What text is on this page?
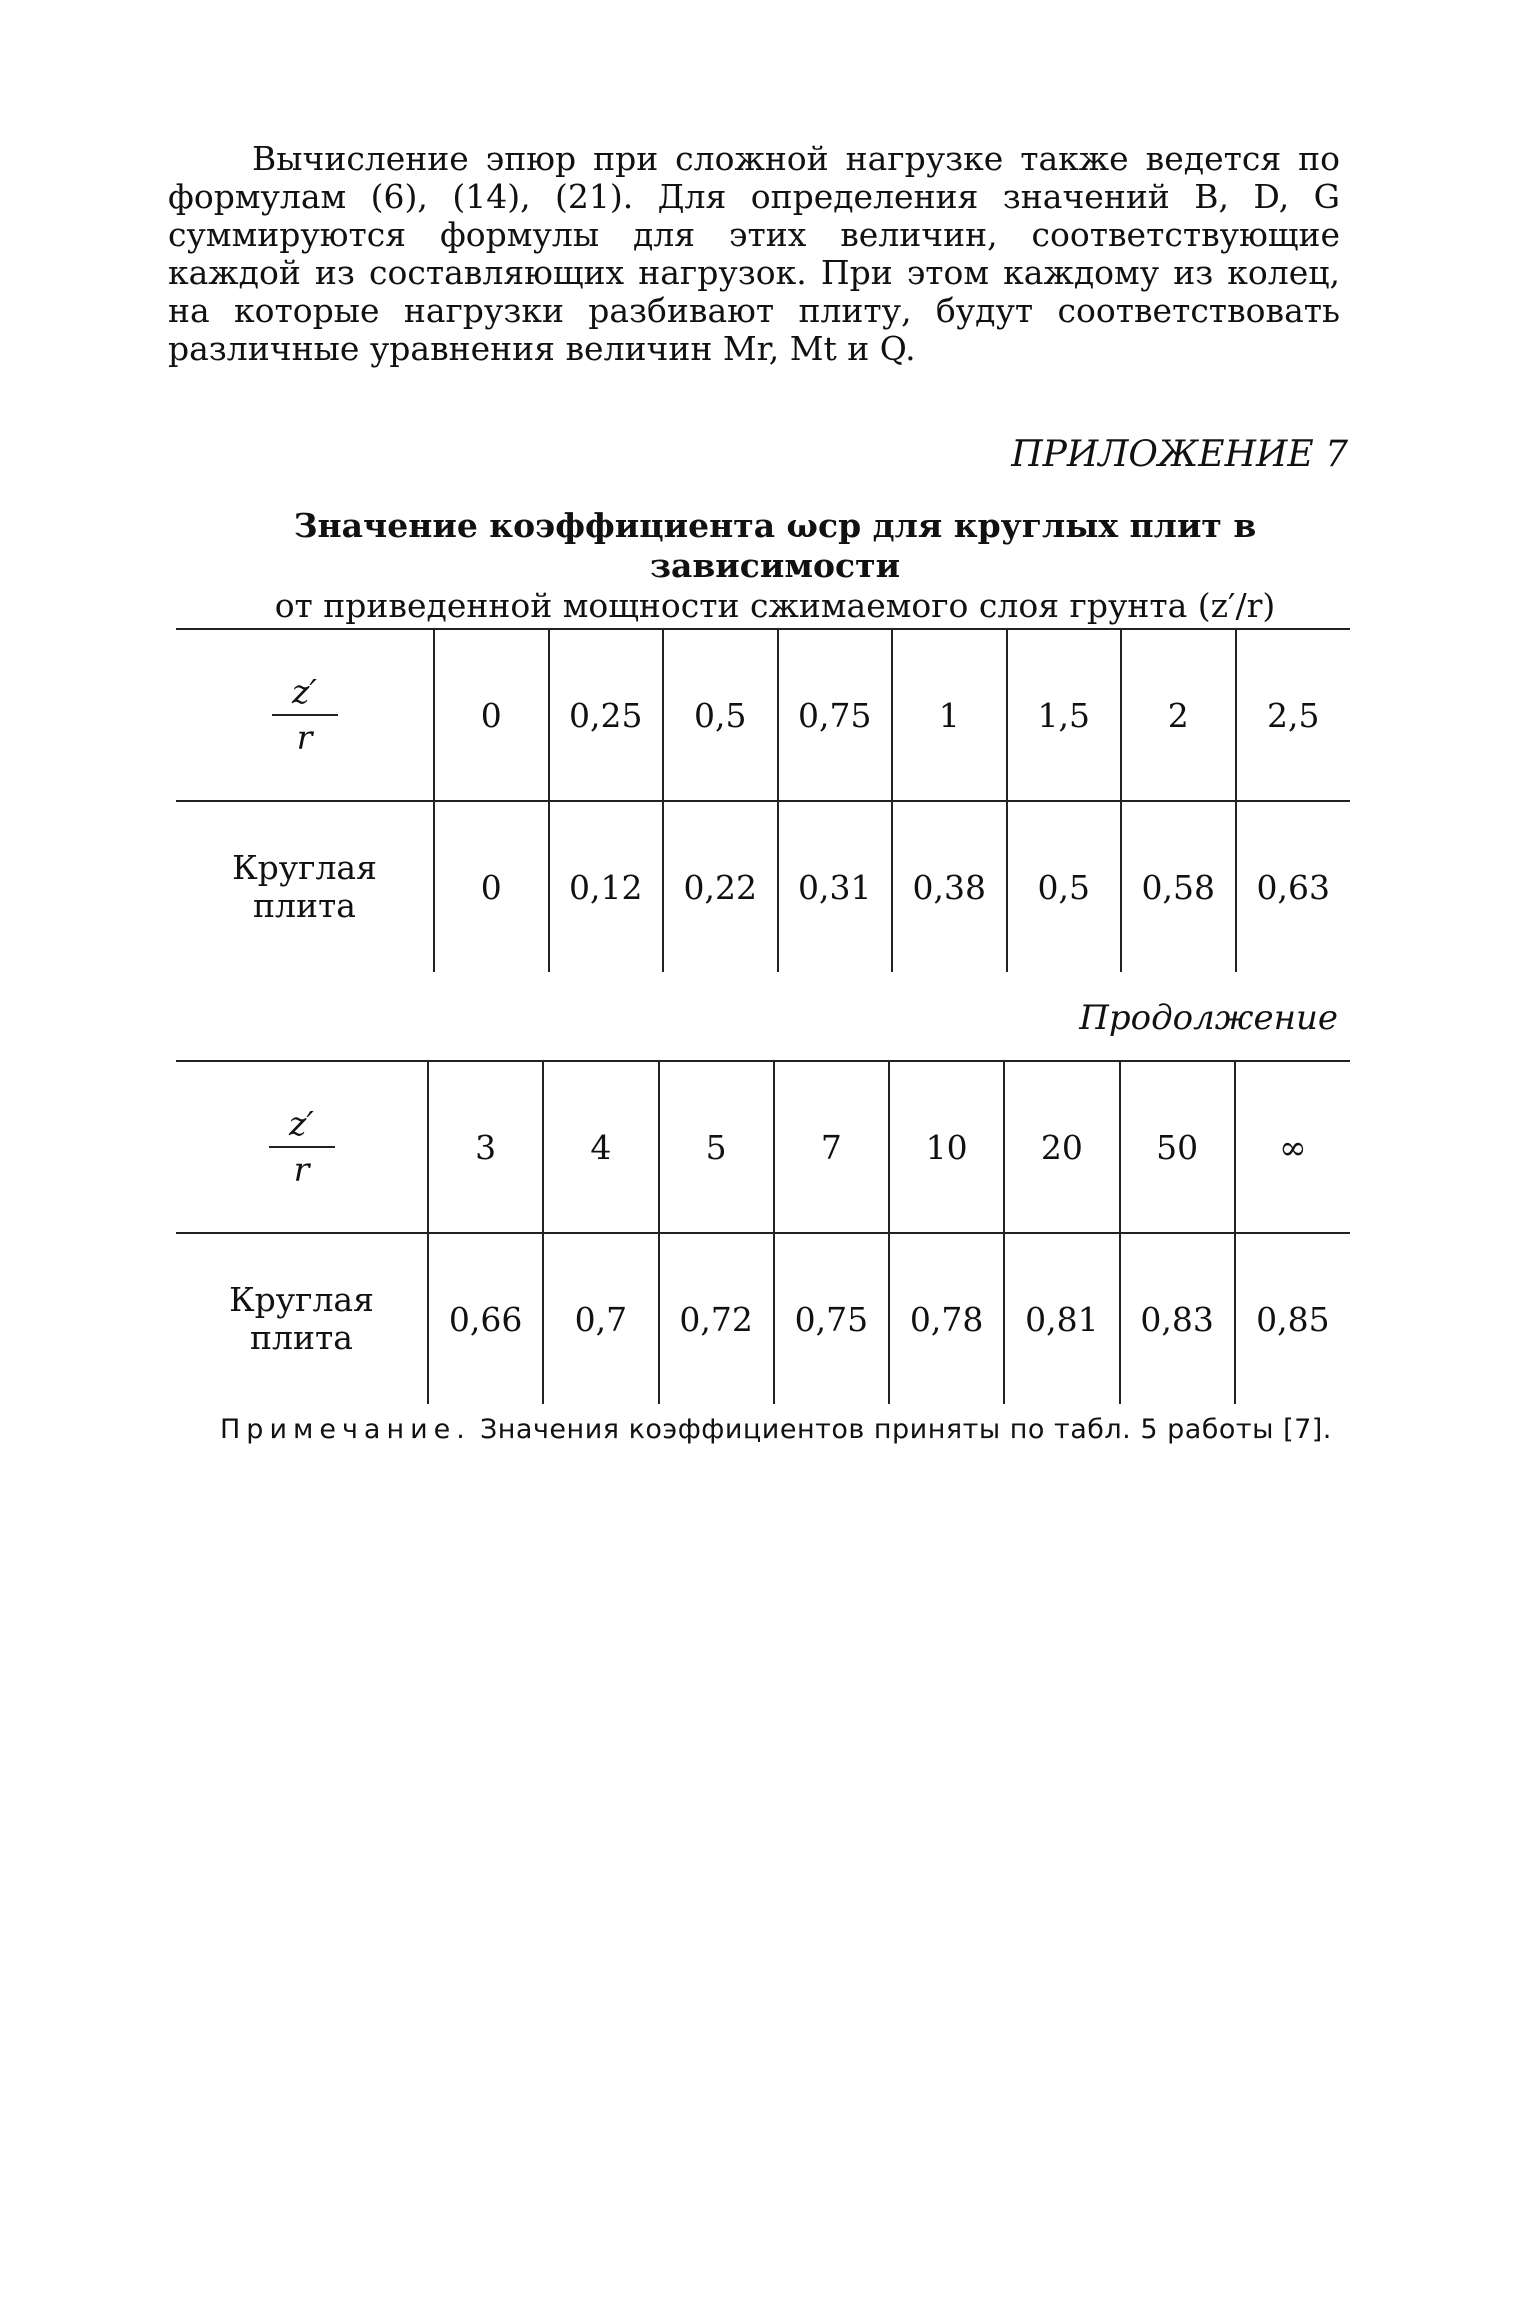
Вычисление эпюр при сложной нагрузке также ведется по формулам (6), (14), (21). Для определения значений B, D, G суммируются формулы для этих величин, соответствующие каждой из составляющих нагрузок. При этом каждому из колец, на которые нагрузки разбивают плиту, будут соответствовать различные уравнения величин Mr, Mt и Q.

ПРИЛОЖЕНИЕ 7

Значение коэффициента ωср для круглых плит в зависимости
от приведенной мощности сжимаемого слоя грунта (z′/r)
$\frac{z'}{r}$	0	0,25	0,5	0,75	1	1,5	2	2,5

Круглая
плита	0	0,12	0,22	0,31	0,38	0,5	0,58	0,63

Продолжение

$\frac{z'}{r}$	3	4	5	7	10	20	50	∞

Круглая
плита	0,66	0,7	0,72	0,75	0,78	0,81	0,83	0,85

Примечание. Значения коэффициентов приняты по табл. 5 работы [7].
